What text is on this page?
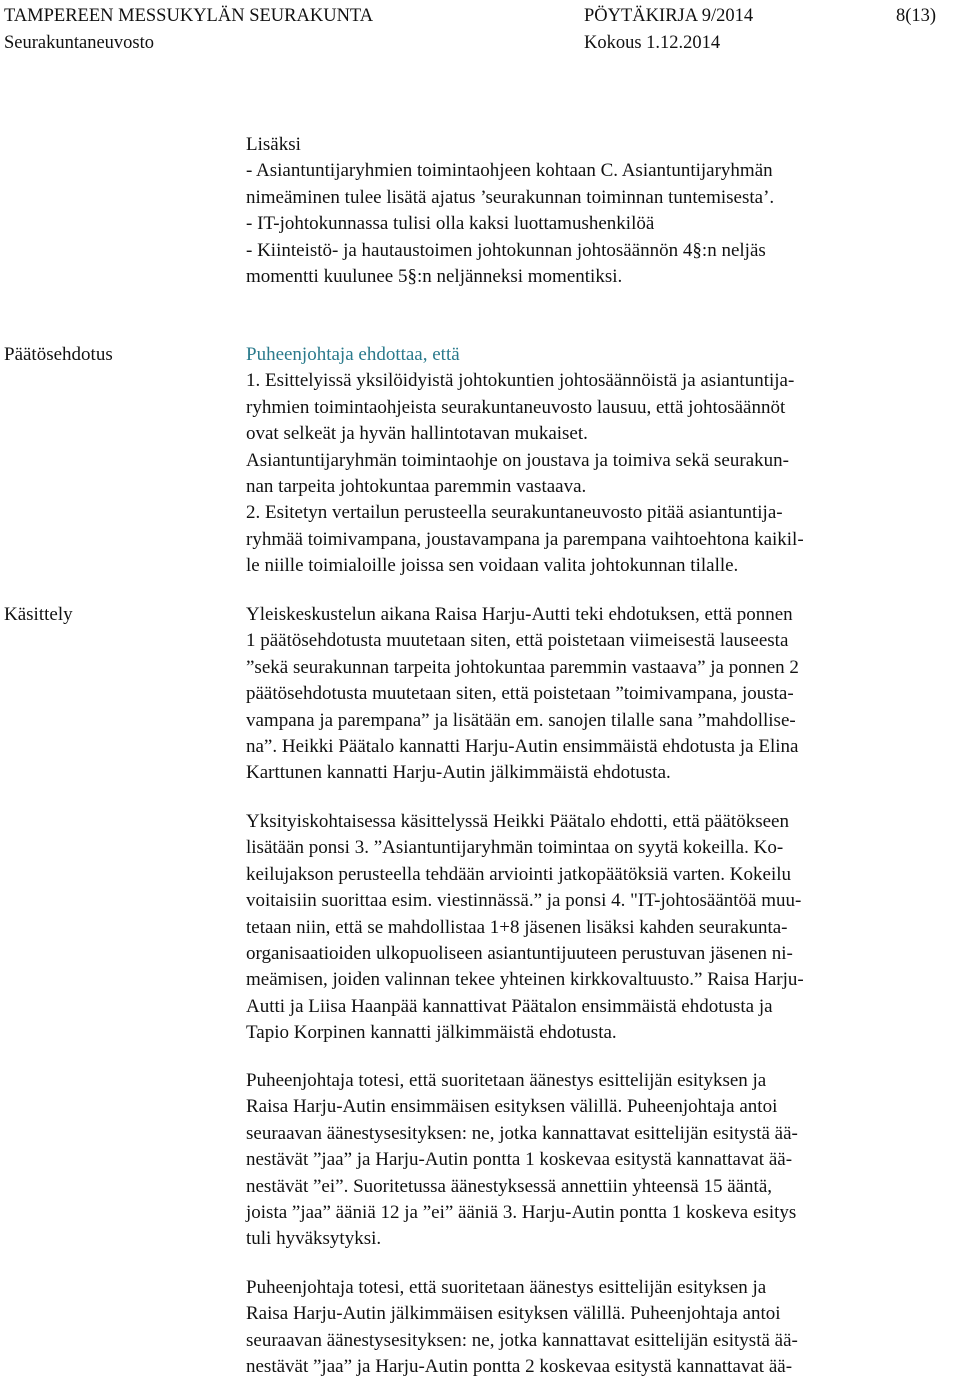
TAMPEREEN MESSUKYLÄN SEURAKUNTA	PÖYTÄKIRJA 9/2014	8(13)
Seurakuntaneuvosto	Kokous 1.12.2014
Lisäksi
- Asiantuntijaryhmien toimintaohjeen kohtaan C. Asiantuntijaryhmän
nimeäminen tulee lisätä ajatus ’seurakunnan toiminnan tuntemisesta’.
- IT-johtokunnassa tulisi olla kaksi luottamushenkilöä
- Kiinteistö- ja hautaustoimen johtokunnan johtosäännön 4§:n neljäs
momentti kuulunee 5§:n neljänneksi momentiksi.
Päätösehdotus	Puheenjohtaja ehdottaa, että
1. Esittelyissä yksilöidyistä johtokuntien johtosäännöistä ja asiantuntija-
ryhmien toimintaohjeista seurakuntaneuvosto lausuu, että johtosäännöt
ovat selkeät ja hyvän hallintotavan mukaiset.
Asiantuntijaryhmän toimintaohje on joustava ja toimiva sekä seurakun-
nan tarpeita johtokuntaa paremmin vastaava.
2. Esitetyn vertailun perusteella seurakuntaneuvosto pitää asiantuntija-
ryhmää toimivampana, joustavampana ja parempana vaihtoehtona kaikil-
le niille toimialoille joissa sen voidaan valita johtokunnan tilalle.
Käsittely	Yleiskeskustelun aikana Raisa Harju-Autti teki ehdotuksen, että ponnen
1 päätösehdotusta muutetaan siten, että poistetaan viimeisestä lauseesta
”sekä seurakunnan tarpeita johtokuntaa paremmin vastaava” ja ponnen 2
päätösehdotusta muutetaan siten, että poistetaan ”toimivampana, jousta-
vampana ja parempana” ja lisätään em. sanojen tilalle sana ”mahdollise-
na”. Heikki Päätalo kannatti Harju-Autin ensimmäistä ehdotusta ja Elina
Karttunen kannatti Harju-Autin jälkimmäistä ehdotusta.
Yksityiskohtaisessa käsittelyssä Heikki Päätalo ehdotti, että päätökseen
lisätään ponsi 3. ”Asiantuntijaryhmän toimintaa on syytä kokeilla. Ko-
keilujakson perusteella tehdään arviointi jatkopäätöksiä varten. Kokeilu
voitaisiin suorittaa esim. viestinnässä.” ja ponsi 4. "IT-johtosääntöä muu-
tetaan niin, että se mahdollistaa 1+8 jäsenen lisäksi kahden seurakunta-
organisaatioiden ulkopuoliseen asiantuntijuuteen perustuvan jäsenen ni-
meämisen, joiden valinnan tekee yhteinen kirkkovaltuusto.” Raisa Harju-
Autti ja Liisa Haanpää kannattivat Päätalon ensimmäistä ehdotusta ja
Tapio Korpinen kannatti jälkimmäistä ehdotusta.
Puheenjohtaja totesi, että suoritetaan äänestys esittelijän esityksen ja
Raisa Harju-Autin ensimmäisen esityksen välillä. Puheenjohtaja antoi
seuraavan äänestysesityksen: ne, jotka kannattavat esittelijän esitystä ää-
nestävät ”jaa” ja Harju-Autin pontta 1 koskevaa esitystä kannattavat ää-
nestävät ”ei”. Suoritetussa äänestyksessä annettiin yhteensä 15 ääntä,
joista ”jaa” ääniä 12 ja ”ei” ääniä 3. Harju-Autin pontta 1 koskeva esitys
tuli hyväksytyksi.
Puheenjohtaja totesi, että suoritetaan äänestys esittelijän esityksen ja
Raisa Harju-Autin jälkimmäisen esityksen välillä. Puheenjohtaja antoi
seuraavan äänestysesityksen: ne, jotka kannattavat esittelijän esitystä ää-
nestävät ”jaa” ja Harju-Autin pontta 2 koskevaa esitystä kannattavat ää-
